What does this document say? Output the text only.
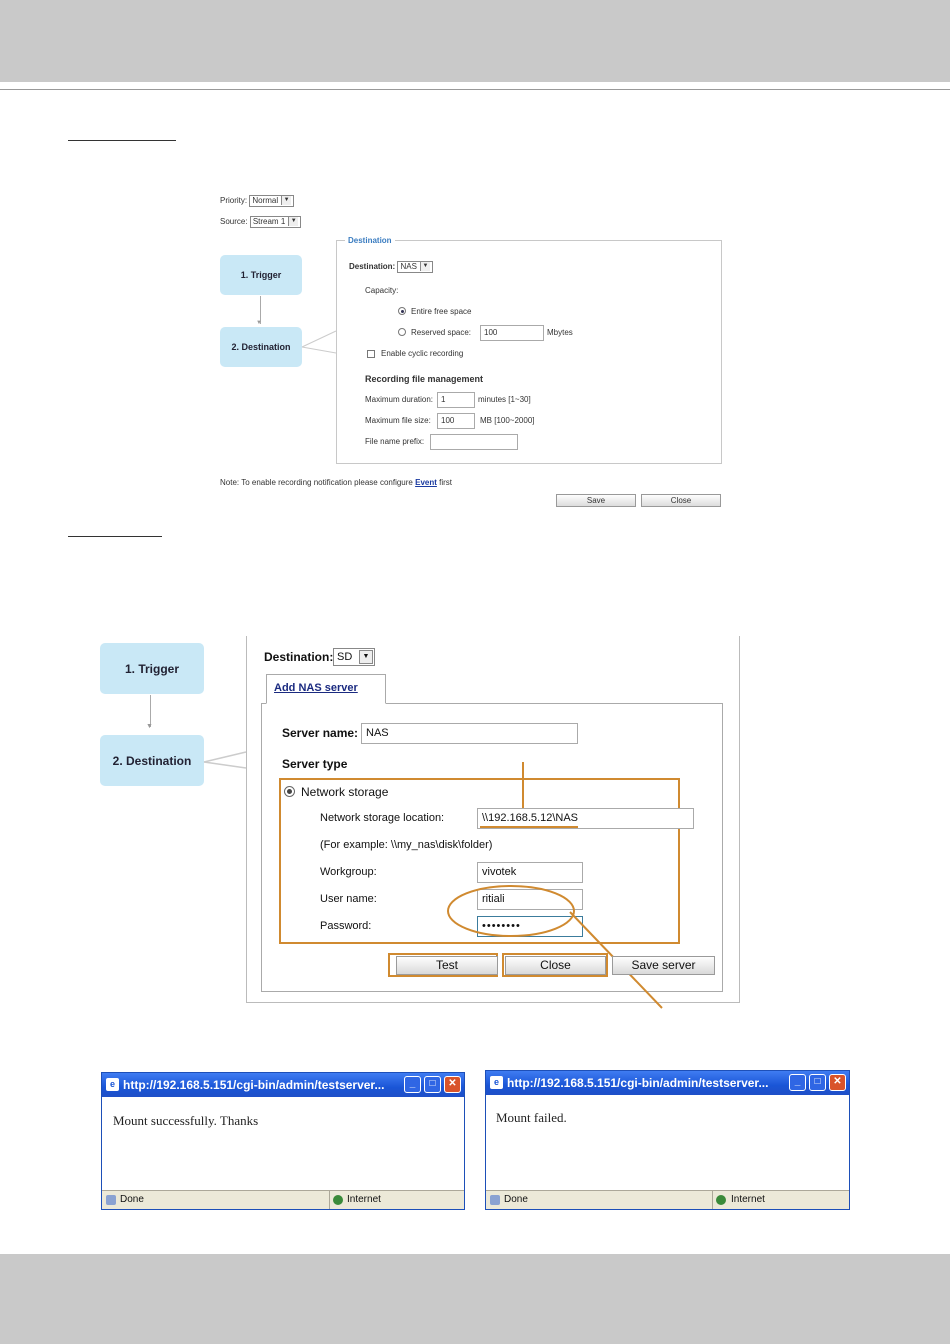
Priority: Normal ▼
Source: Stream 1 ▼
1. Trigger
▼
2. Destination
Destination
Destination: NAS ▼
Capacity:
Entire free space
Reserved space:	100	Mbytes
Enable cyclic recording
Recording file management
Maximum duration: 1	minutes [1~30]
Maximum file size:	100	MB [100~2000]
File name prefix:
Note: To enable recording notification please configure Event first
Save	Close
1. Trigger
▼
2. Destination
Destination: SD	▼
Add NAS server
Server name: NAS
Server type
Network storage
Network storage location:	\\192.168.5.12\NAS
(For example: \\my_nas\disk\folder)
Workgroup:	vivotek
User name:	ritiali
Password:	••••••••
Test	Close	Save server
e http://192.168.5.151/cgi-bin/admin/testserver...	_	□	✕
Mount successfully. Thanks
Done	Internet
e http://192.168.5.151/cgi-bin/admin/testserver...	_	□	✕
Mount failed.
Done	Internet
